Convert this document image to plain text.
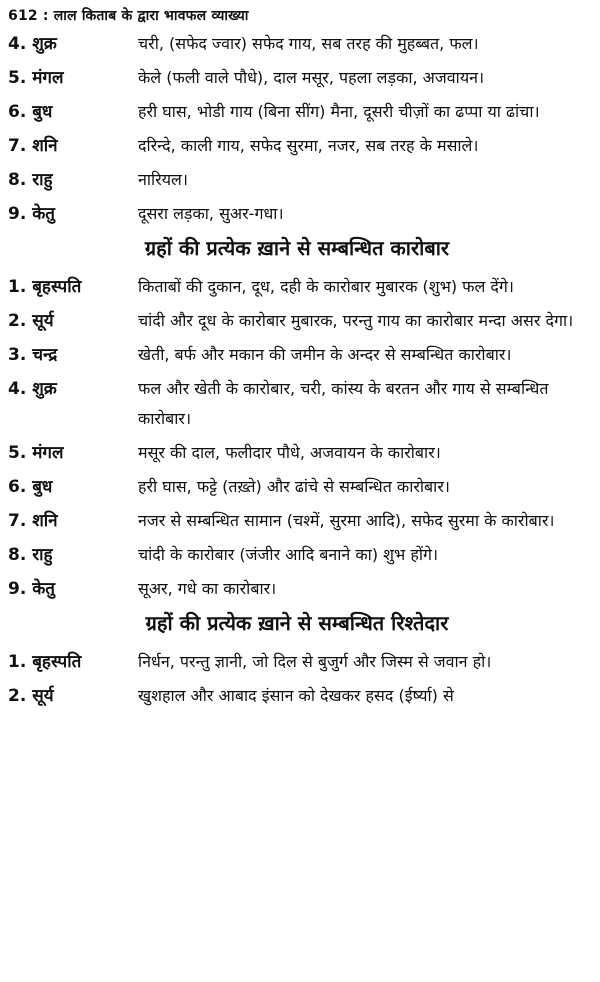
612 : लाल किताब के द्वारा भावफल व्याख्या
4. शुक्र	चरी, (सफेद ज्वार) सफेद गाय, सब तरह की मुहब्बत, फल।
5. मंगल	केले (फली वाले पौधे), दाल मसूर, पहला लड़का, अजवायन।
6. बुध	हरी घास, भोडी गाय (बिना सींग) मैना, दूसरी चीज़ों का ढप्पा या ढांचा।
7. शनि	दरिन्दे, काली गाय, सफेद सुरमा, नजर, सब तरह के मसाले।
8. राहु	नारियल।
9. केतु	दूसरा लड़का, सुअर-गधा।
ग्रहों की प्रत्येक ख़ाने से सम्बन्धित कारोबार
1. बृहस्पति	किताबों की दुकान, दूध, दही के कारोबार मुबारक (शुभ) फल देंगे।
2. सूर्य	चांदी और दूध के कारोबार मुबारक, परन्तु गाय का कारोबार मन्दा असर देगा।
3. चन्द्र	खेती, बर्फ और मकान की जमीन के अन्दर से सम्बन्धित कारोबार।
4. शुक्र	फल और खेती के कारोबार, चरी, कांस्य के बरतन और गाय से सम्बन्धित कारोबार।
5. मंगल	मसूर की दाल, फलीदार पौधे, अजवायन के कारोबार।
6. बुध	हरी घास, फट्टे (तख़्ते) और ढांचे से सम्बन्धित कारोबार।
7. शनि	नजर से सम्बन्धित सामान (चश्में, सुरमा आदि), सफेद सुरमा के कारोबार।
8. राहु	चांदी के कारोबार (जंजीर आदि बनाने का) शुभ होंगे।
9. केतु	सूअर, गधे का कारोबार।
ग्रहों की प्रत्येक ख़ाने से सम्बन्धित रिश्तेदार
1. बृहस्पति	निर्धन, परन्तु ज्ञानी, जो दिल से बुजुर्ग और जिस्म से जवान हो।
2. सूर्य	खुशहाल और आबाद इंसान को देखकर हसद (ईर्ष्या) से
